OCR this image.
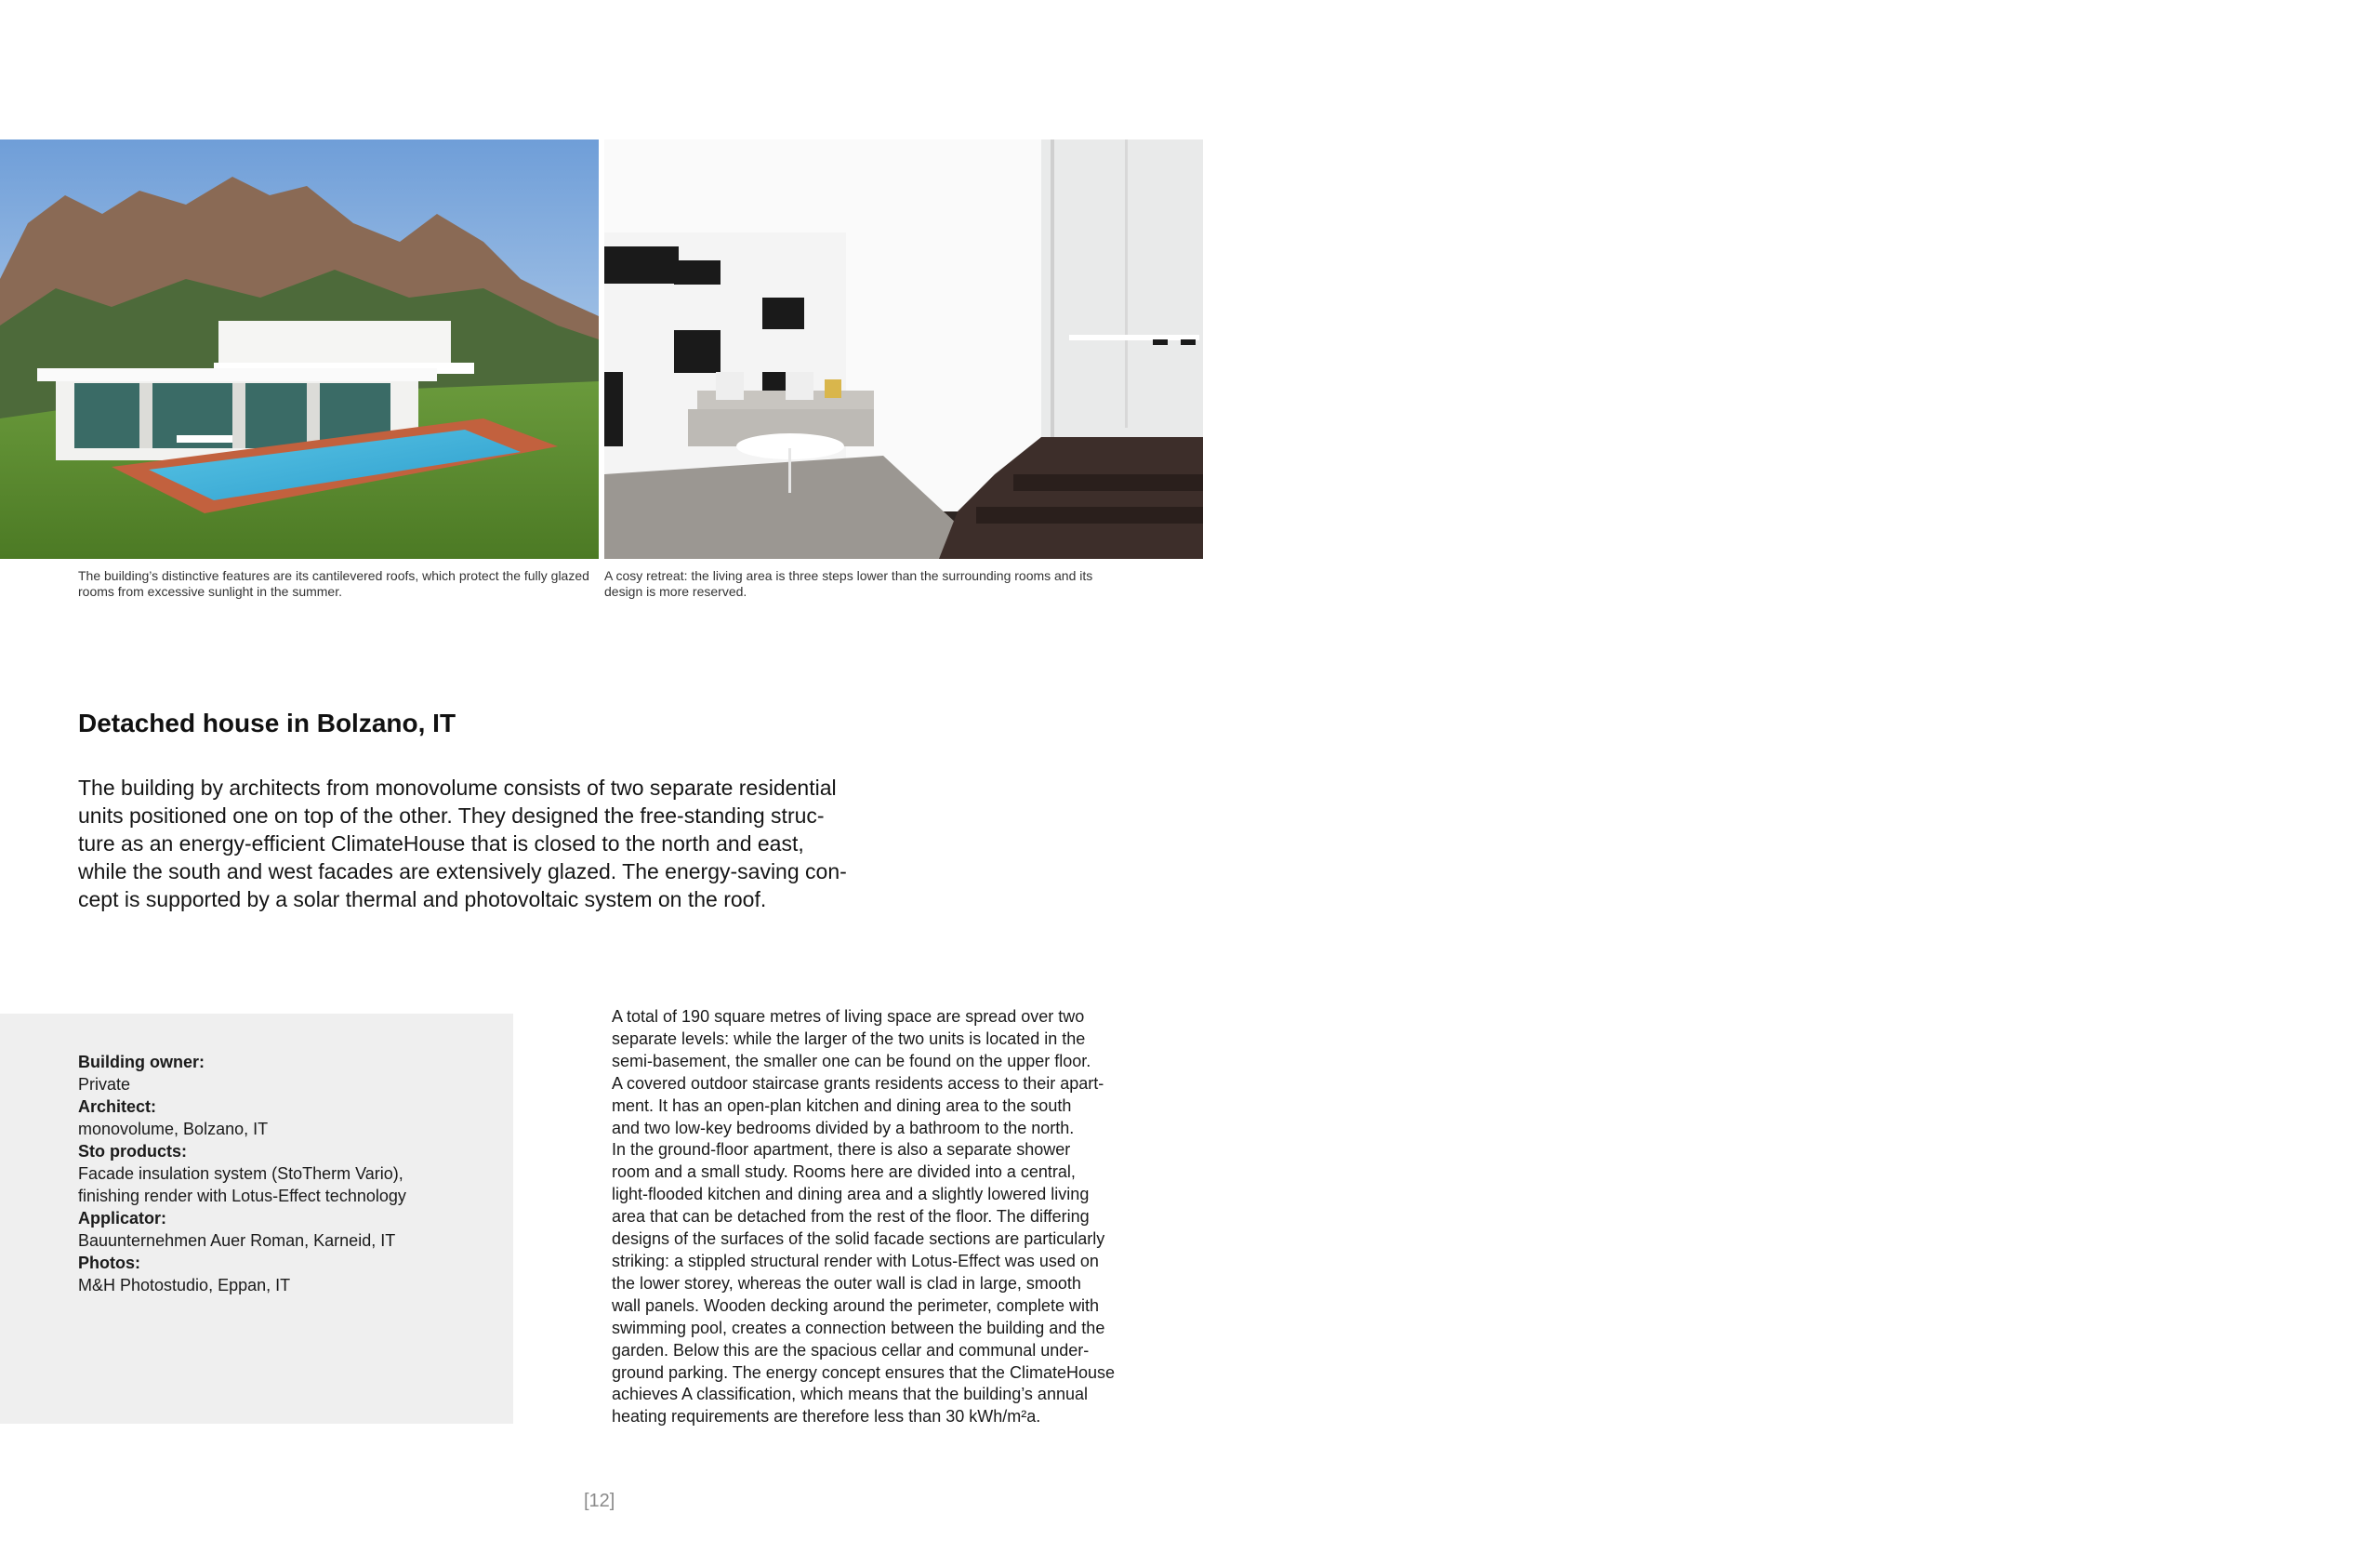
The building’s distinctive features are its cantilevered roofs, which protect the fully glazed rooms from excessive sunlight in the summer.
A cosy retreat: the living area is three steps lower than the surrounding rooms and its design is more reserved.
Detached house in Bolzano, IT

The building by architects from monovolume consists of two separate residential
units positioned one on top of the other. They designed the free-standing struc-
ture as an energy-efficient ClimateHouse that is closed to the north and east,
while the south and west facades are extensively glazed. The energy-saving con-
cept is supported by a solar thermal and photovoltaic system on the roof.

Building owner:
Private
Architect:
monovolume, Bolzano, IT
Sto products:
Facade insulation system (StoTherm Vario),
finishing render with Lotus-Effect technology
Applicator:
Bauunternehmen Auer Roman, Karneid, IT
Photos:
M&H Photostudio, Eppan, IT

A total of 190 square metres of living space are spread over two
separate levels: while the larger of the two units is located in the
semi-basement, the smaller one can be found on the upper floor.
A covered outdoor staircase grants residents access to their apart-
ment. It has an open-plan kitchen and dining area to the south
and two low-key bedrooms divided by a bathroom to the north.
In the ground-floor apartment, there is also a separate shower
room and a small study. Rooms here are divided into a central,
light-flooded kitchen and dining area and a slightly lowered living
area that can be detached from the rest of the floor. The differing
designs of the surfaces of the solid facade sections are particularly
striking: a stippled structural render with Lotus-Effect was used on
the lower storey, whereas the outer wall is clad in large, smooth
wall panels. Wooden decking around the perimeter, complete with
swimming pool, creates a connection between the building and the
garden. Below this are the spacious cellar and communal under-
ground parking. The energy concept ensures that the ClimateHouse
achieves A classification, which means that the building’s annual
heating requirements are therefore less than 30 kWh/m²a.

[12]
